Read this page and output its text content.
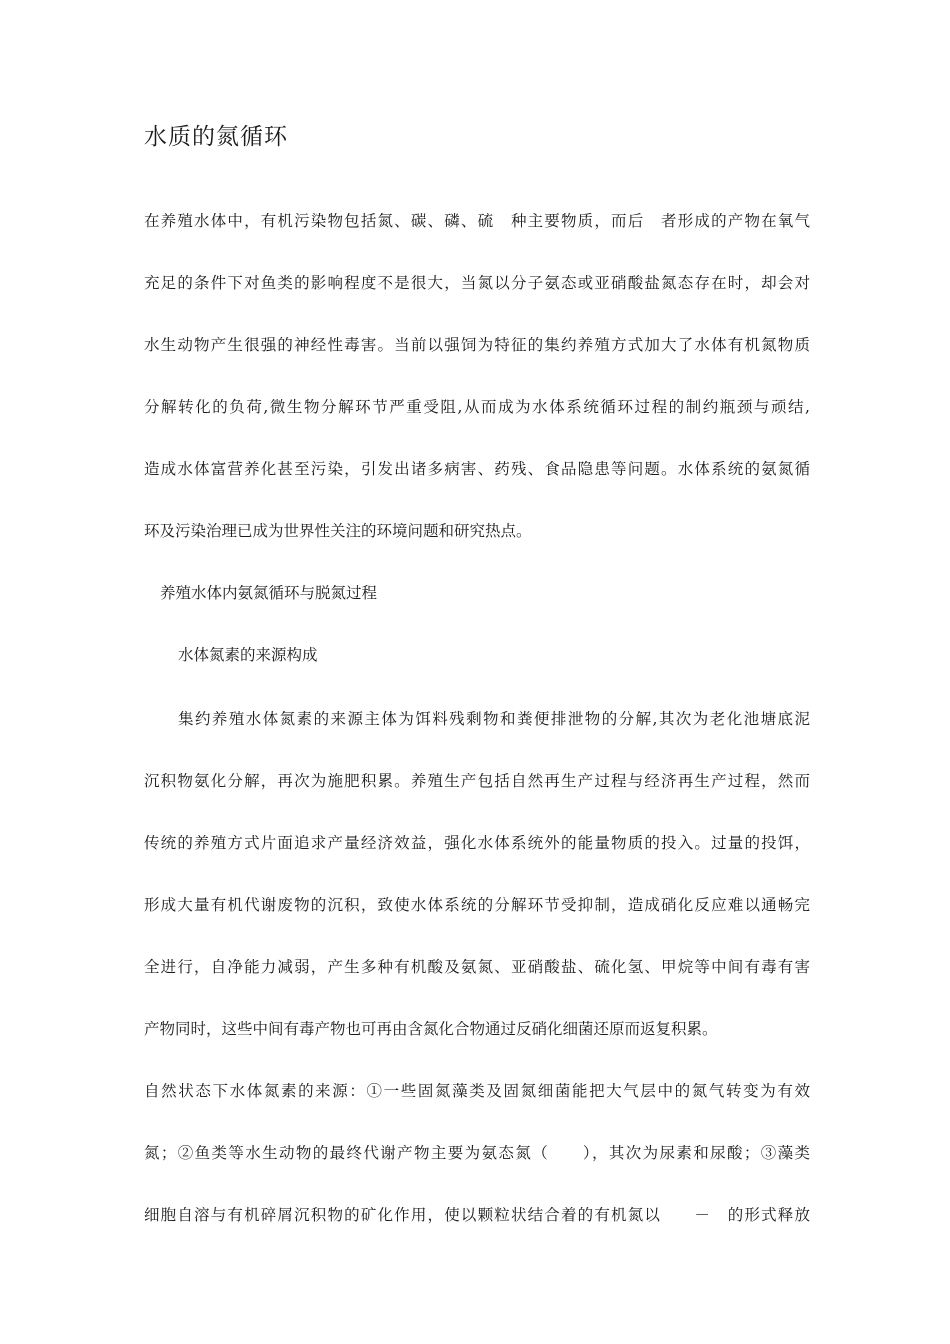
水质的氮循环
在养殖水体中，有机污染物包括氮、碳、磷、硫　种主要物质，而后　者形成的产物在氧气
充足的条件下对鱼类的影响程度不是很大，当氮以分子氨态或亚硝酸盐氮态存在时，却会对
水生动物产生很强的神经性毒害。当前以强饲为特征的集约养殖方式加大了水体有机氮物质
分解转化的负荷,微生物分解环节严重受阻,从而成为水体系统循环过程的制约瓶颈与顽结,
造成水体富营养化甚至污染，引发出诸多病害、药残、食品隐患等问题。水体系统的氨氮循
环及污染治理已成为世界性关注的环境问题和研究热点。
养殖水体内氨氮循环与脱氮过程
水体氮素的来源构成
集约养殖水体氮素的来源主体为饵料残剩物和粪便排泄物的分解,其次为老化池塘底泥
沉积物氨化分解，再次为施肥积累。养殖生产包括自然再生产过程与经济再生产过程，然而
传统的养殖方式片面追求产量经济效益，强化水体系统外的能量物质的投入。过量的投饵，
形成大量有机代谢废物的沉积，致使水体系统的分解环节受抑制，造成硝化反应难以通畅完
全进行，自净能力减弱，产生多种有机酸及氨氮、亚硝酸盐、硫化氢、甲烷等中间有毒有害
产物同时，这些中间有毒产物也可再由含氮化合物通过反硝化细菌还原而返复积累。
自然状态下水体氮素的来源：①一些固氮藻类及固氮细菌能把大气层中的氮气转变为有效
氮；②鱼类等水生动物的最终代谢产物主要为氨态氮（　　），其次为尿素和尿酸；③藻类
细胞自溶与有机碎屑沉积物的矿化作用，使以颗粒状结合着的有机氮以　　－　的形式释放
